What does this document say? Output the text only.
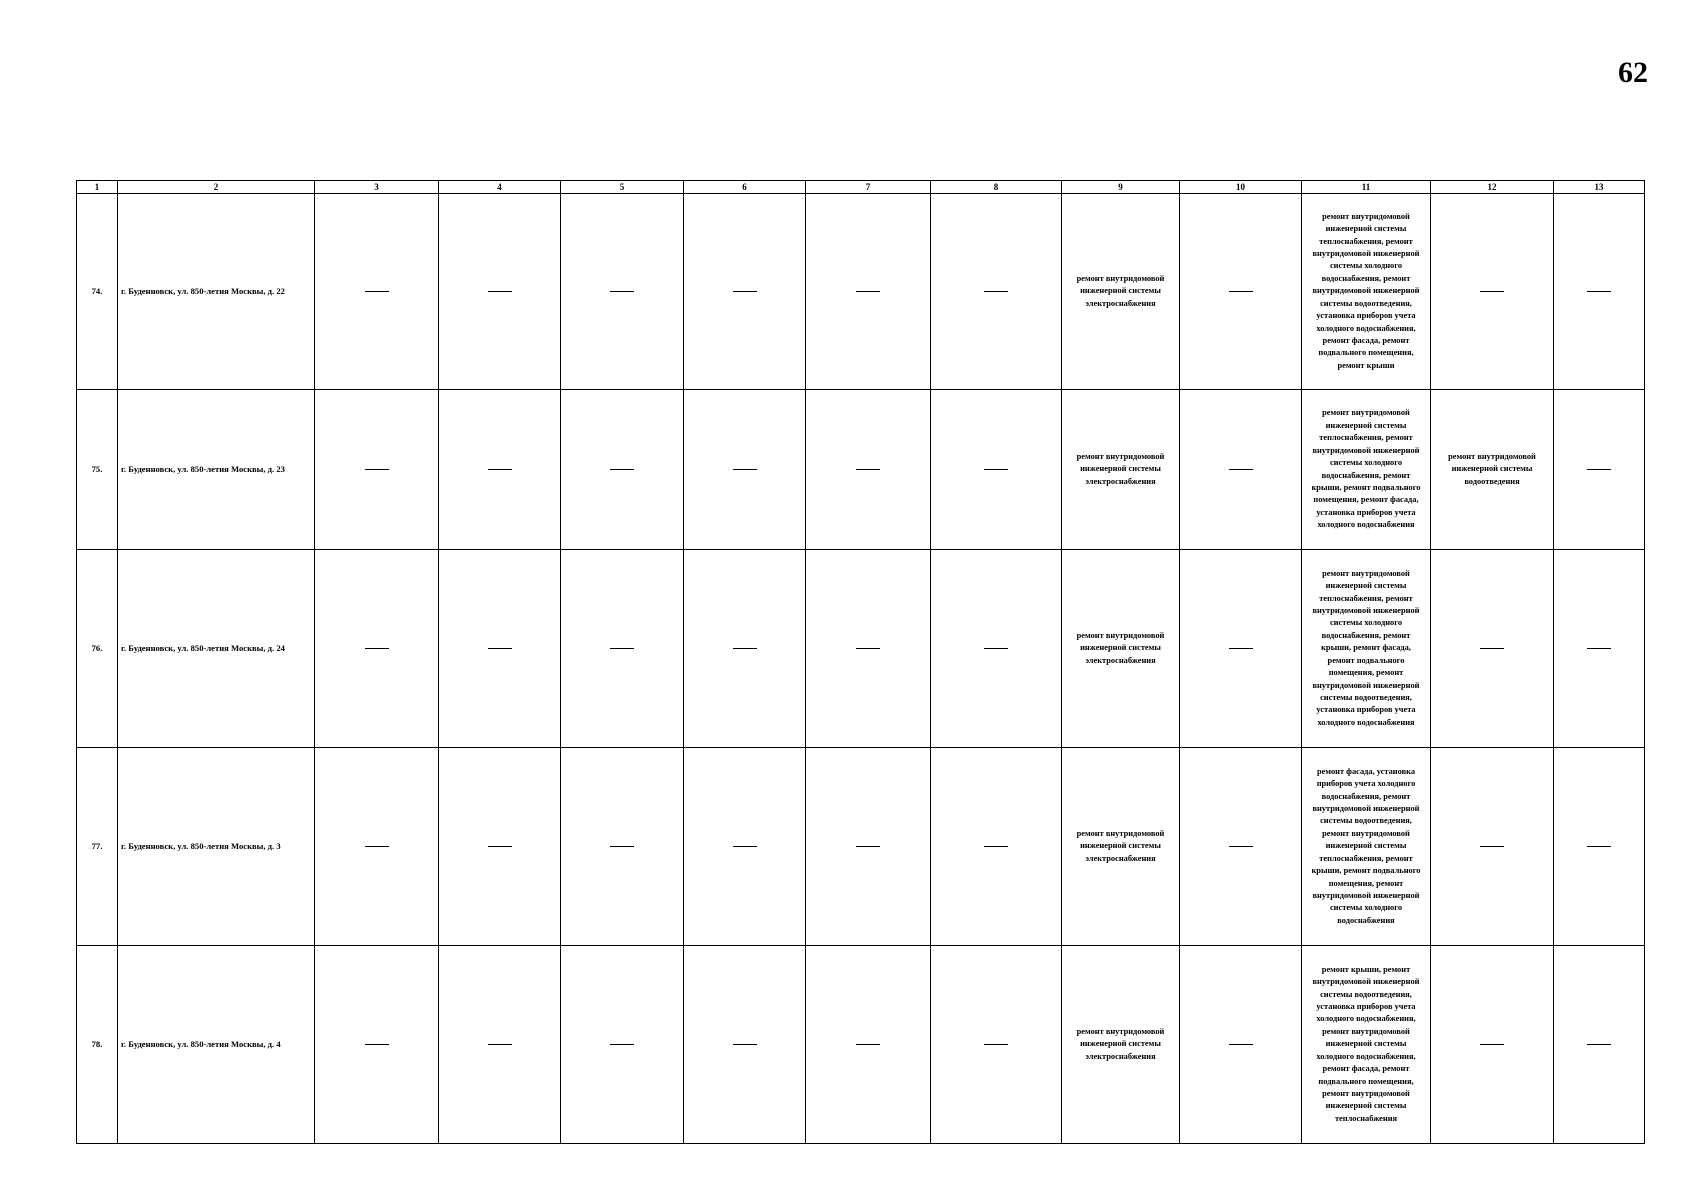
62
1	2	3	4	5	6	7	8	9	10	11	12	13
74.	г. Буденновск, ул. 850-летия Москвы, д. 22							ремонт внутридомовой инженерной системы электроснабжения		ремонт внутридомовой инженерной системы теплоснабжения, ремонт внутридомовой инженерной системы холодного водоснабжения, ремонт внутридомовой инженерной системы водоотведения, установка приборов учета холодного водоснабжения, ремонт фасада, ремонт подвального помещения, ремонт крыши		
75.	г. Буденновск, ул. 850-летия Москвы, д. 23							ремонт внутридомовой инженерной системы электроснабжения		ремонт внутридомовой инженерной системы теплоснабжения, ремонт внутридомовой инженерной системы холодного водоснабжения, ремонт крыши, ремонт подвального помещения, ремонт фасада, установка приборов учета холодного водоснабжения	ремонт внутридомовой инженерной системы водоотведения	
76.	г. Буденновск, ул. 850-летия Москвы, д. 24							ремонт внутридомовой инженерной системы электроснабжения		ремонт внутридомовой инженерной системы теплоснабжения, ремонт внутридомовой инженерной системы холодного водоснабжения, ремонт крыши, ремонт фасада, ремонт подвального помещения, ремонт внутридомовой инженерной системы водоотведения, установка приборов учета холодного водоснабжения		
77.	г. Буденновск, ул. 850-летия Москвы, д. 3							ремонт внутридомовой инженерной системы электроснабжения		ремонт фасада, установка приборов учета холодного водоснабжения, ремонт внутридомовой инженерной системы водоотведения, ремонт внутридомовой инженерной системы теплоснабжения, ремонт крыши, ремонт подвального помещения, ремонт внутридомовой инженерной системы холодного водоснабжения		
78.	г. Буденновск, ул. 850-летия Москвы, д. 4							ремонт внутридомовой инженерной системы электроснабжения		ремонт крыши, ремонт внутридомовой инженерной системы водоотведения, установка приборов учета холодного водоснабжения, ремонт внутридомовой инженерной системы холодного водоснабжения, ремонт фасада, ремонт подвального помещения, ремонт внутридомовой инженерной системы теплоснабжения		
